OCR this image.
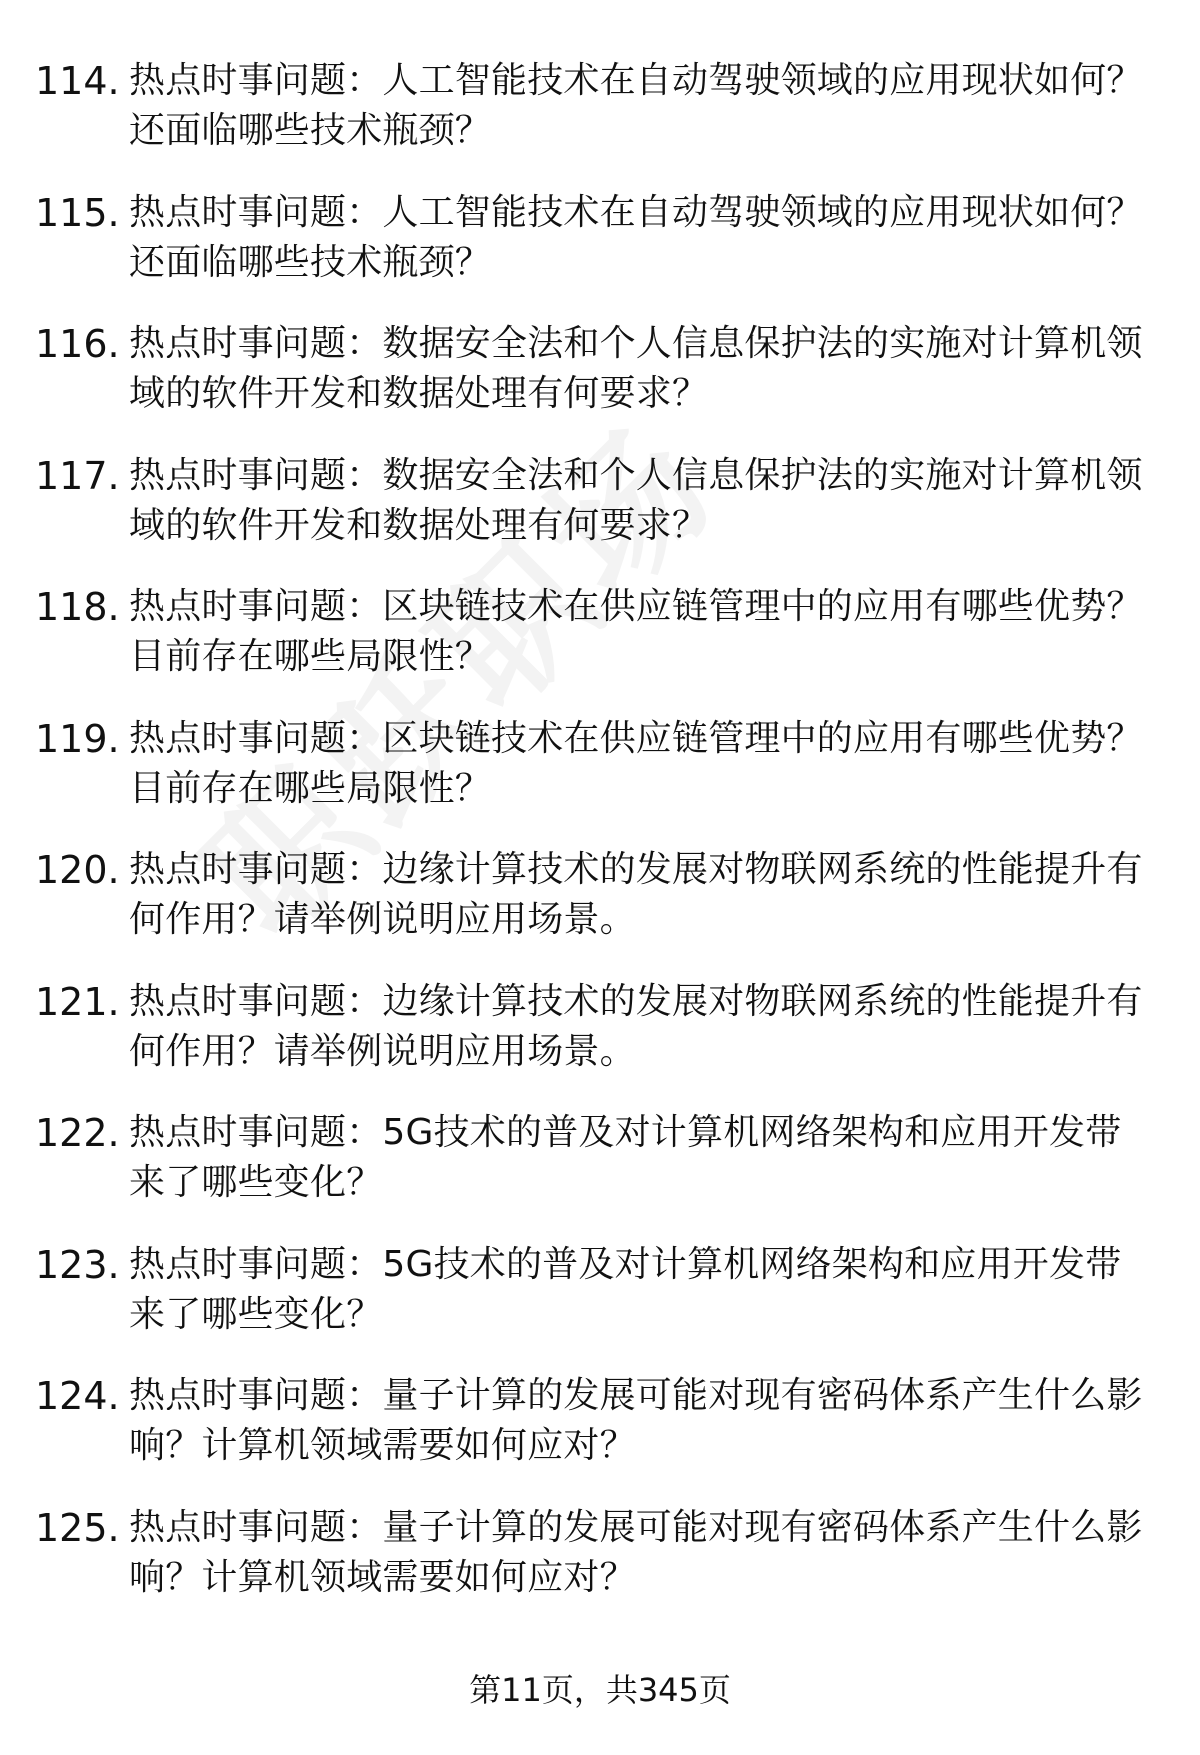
114. 热点时事问题：人工智能技术在自动驾驶领域的应用现状如何？还面临哪些技术瓶颈？
115. 热点时事问题：人工智能技术在自动驾驶领域的应用现状如何？还面临哪些技术瓶颈？
116. 热点时事问题：数据安全法和个人信息保护法的实施对计算机领域的软件开发和数据处理有何要求？
117. 热点时事问题：数据安全法和个人信息保护法的实施对计算机领域的软件开发和数据处理有何要求？
118. 热点时事问题：区块链技术在供应链管理中的应用有哪些优势？目前存在哪些局限性？
119. 热点时事问题：区块链技术在供应链管理中的应用有哪些优势？目前存在哪些局限性？
120. 热点时事问题：边缘计算技术的发展对物联网系统的性能提升有何作用？请举例说明应用场景。
121. 热点时事问题：边缘计算技术的发展对物联网系统的性能提升有何作用？请举例说明应用场景。
122. 热点时事问题：5G技术的普及对计算机网络架构和应用开发带来了哪些变化？
123. 热点时事问题：5G技术的普及对计算机网络架构和应用开发带来了哪些变化？
124. 热点时事问题：量子计算的发展可能对现有密码体系产生什么影响？计算机领域需要如何应对？
125. 热点时事问题：量子计算的发展可能对现有密码体系产生什么影响？计算机领域需要如何应对？
第11页，共345页
